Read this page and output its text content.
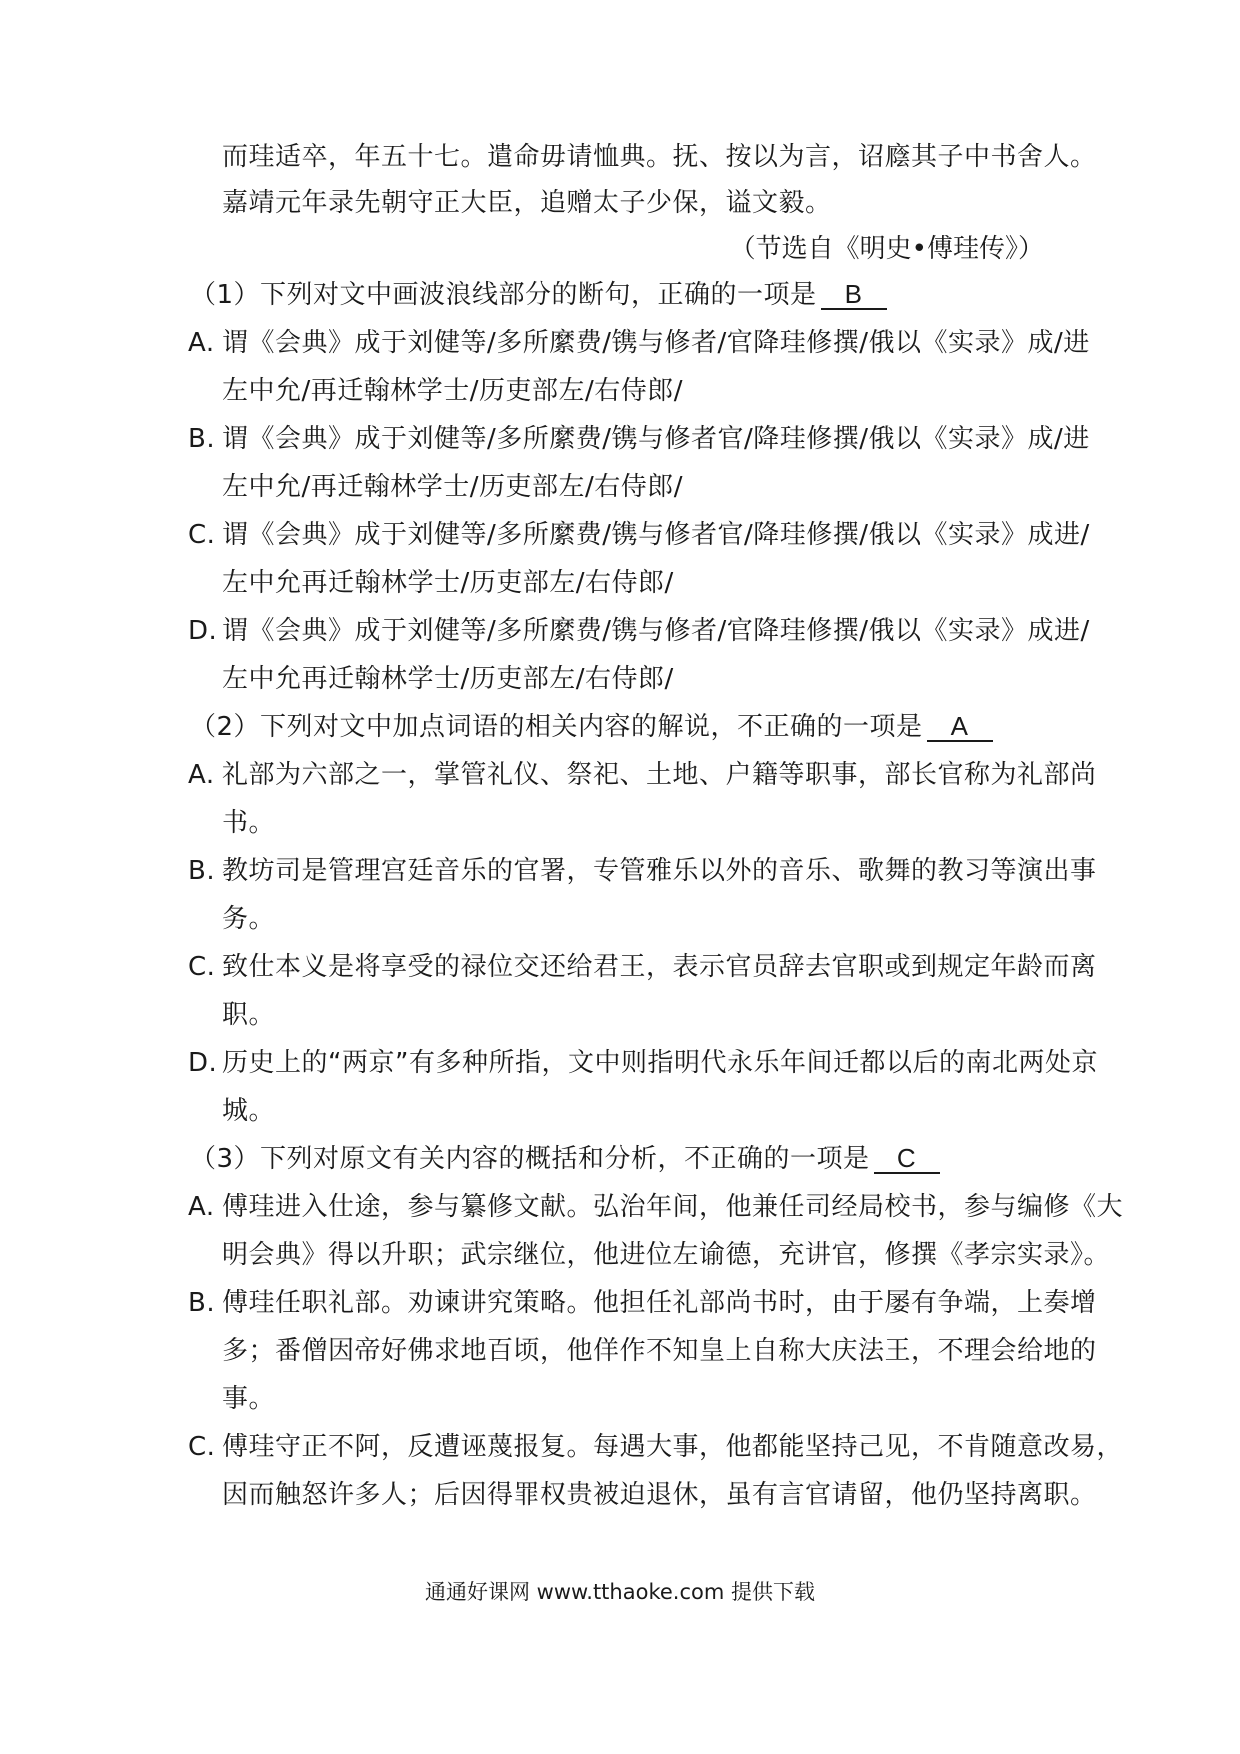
而珪适卒，年五十七。遣命毋请恤典。抚、按以为言，诏廕其子中书舍人。
嘉靖元年录先朝守正大臣，追赠太子少保，谥文毅。
（节选自《明史•傅珪传》）
（1）下列对文中画波浪线部分的断句，正确的一项是 B
A. 谓《会典》成于刘健等/多所縻费/镌与修者/官降珪修撰/俄以《实录》成/进
左中允/再迁翰林学士/历吏部左/右侍郎/
B. 谓《会典》成于刘健等/多所縻费/镌与修者官/降珪修撰/俄以《实录》成/进
左中允/再迁翰林学士/历吏部左/右侍郎/
C. 谓《会典》成于刘健等/多所縻费/镌与修者官/降珪修撰/俄以《实录》成进/
左中允再迁翰林学士/历吏部左/右侍郎/
D. 谓《会典》成于刘健等/多所縻费/镌与修者/官降珪修撰/俄以《实录》成进/
左中允再迁翰林学士/历吏部左/右侍郎/
（2）下列对文中加点词语的相关内容的解说，不正确的一项是 A
A. 礼部为六部之一，掌管礼仪、祭祀、土地、户籍等职事，部长官称为礼部尚
书。
B. 教坊司是管理宫廷音乐的官署，专管雅乐以外的音乐、歌舞的教习等演出事
务。
C. 致仕本义是将享受的禄位交还给君王，表示官员辞去官职或到规定年龄而离
职。
D. 历史上的“两京”有多种所指，文中则指明代永乐年间迁都以后的南北两处京
城。
（3）下列对原文有关内容的概括和分析，不正确的一项是 C
A. 傅珪进入仕途，参与纂修文献。弘治年间，他兼任司经局校书，参与编修《大
明会典》得以升职；武宗继位，他进位左谕德，充讲官，修撰《孝宗实录》。
B. 傅珪任职礼部。劝谏讲究策略。他担任礼部尚书时，由于屡有争端，上奏增
多；番僧因帝好佛求地百顷，他佯作不知皇上自称大庆法王，不理会给地的
事。
C. 傅珪守正不阿，反遭诬蔑报复。每遇大事，他都能坚持己见，不肯随意改易，
因而触怒许多人；后因得罪权贵被迫退休，虽有言官请留，他仍坚持离职。
通通好课网 www.tthaoke.com 提供下载
